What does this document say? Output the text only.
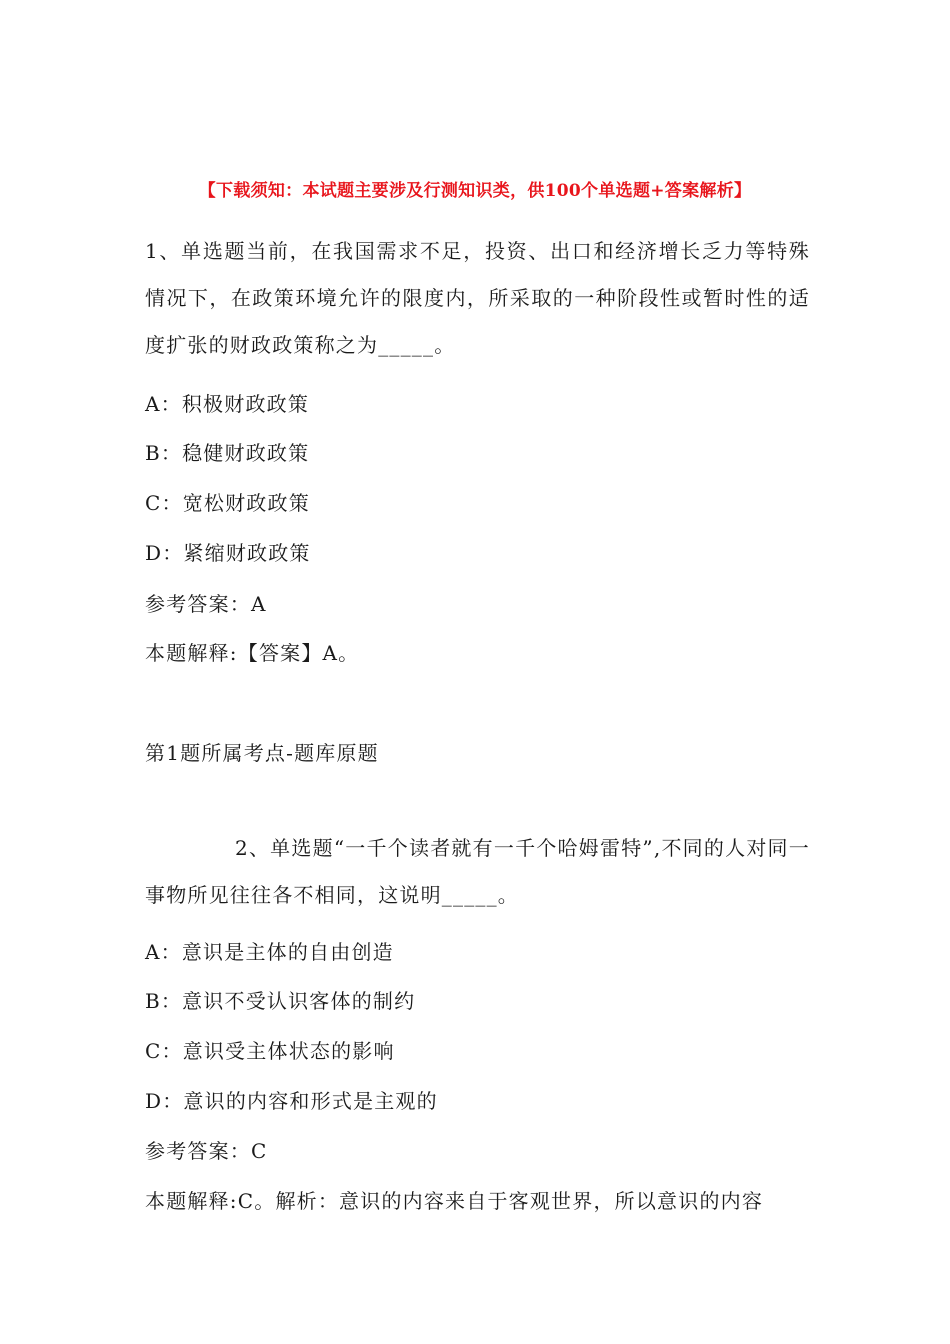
【下载须知：本试题主要涉及行测知识类，供100个单选题+答案解析】
1、单选题当前，在我国需求不足，投资、出口和经济增长乏力等特殊情况下，在政策环境允许的限度内，所采取的一种阶段性或暂时性的适度扩张的财政政策称之为_____。
A：积极财政政策
B：稳健财政政策
C：宽松财政政策
D：紧缩财政政策
参考答案：A
本题解释:【答案】A。
第1题所属考点-题库原题
2、单选题“一千个读者就有一千个哈姆雷特”,不同的人对同一事物所见往往各不相同，这说明_____。
A：意识是主体的自由创造
B：意识不受认识客体的制约
C：意识受主体状态的影响
D：意识的内容和形式是主观的
参考答案：C
本题解释:C。解析：意识的内容来自于客观世界，所以意识的内容
